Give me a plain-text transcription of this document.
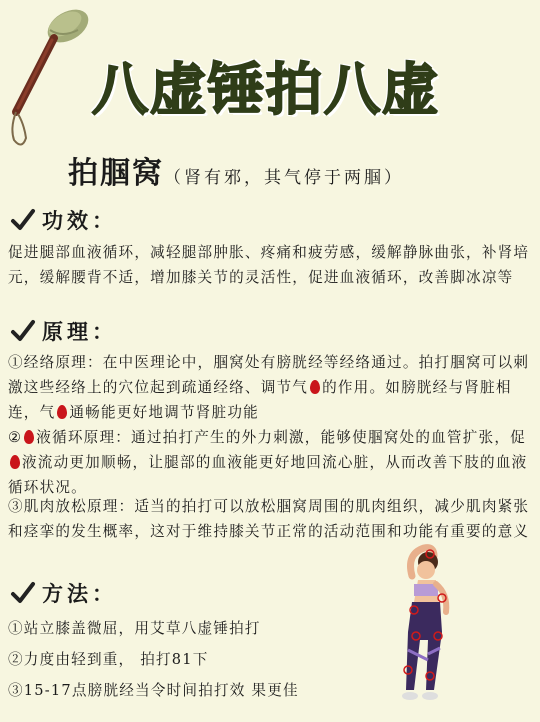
八虚锤拍八虚
拍腘窝（肾有邪，其气停于两腘）
功效：
促进腿部血液循环，减轻腿部肿胀、疼痛和疲劳感，缓解静脉曲张，补肾培元，缓解腰背不适，增加膝关节的灵活性，促进血液循环，改善脚冰凉等
原理：
①经络原理：在中医理论中，腘窝处有膀胱经等经络通过。拍打腘窝可以刺激这些经络上的穴位起到疏通经络、调节气 的作用。如膀胱经与肾脏相连，气 通畅能更好地调节肾脏功能
② 液循环原理：通过拍打产生的外力刺激，能够使腘窝处的血管扩张，促液流动更加顺畅，让腿部的血液能更好地回流心脏，从而改善下肢的血液循环状况。
③肌肉放松原理：适当的拍打可以放松腘窝周围的肌肉组织，减少肌肉紧张和痉挛的发生概率，这对于维持膝关节正常的活动范围和功能有重要的意义
方法：
①站立膝盖微屈，用艾草八虚锤拍打
②力度由轻到重， 拍打81下
③15-17点膀胱经当令时间拍打效 果更佳
